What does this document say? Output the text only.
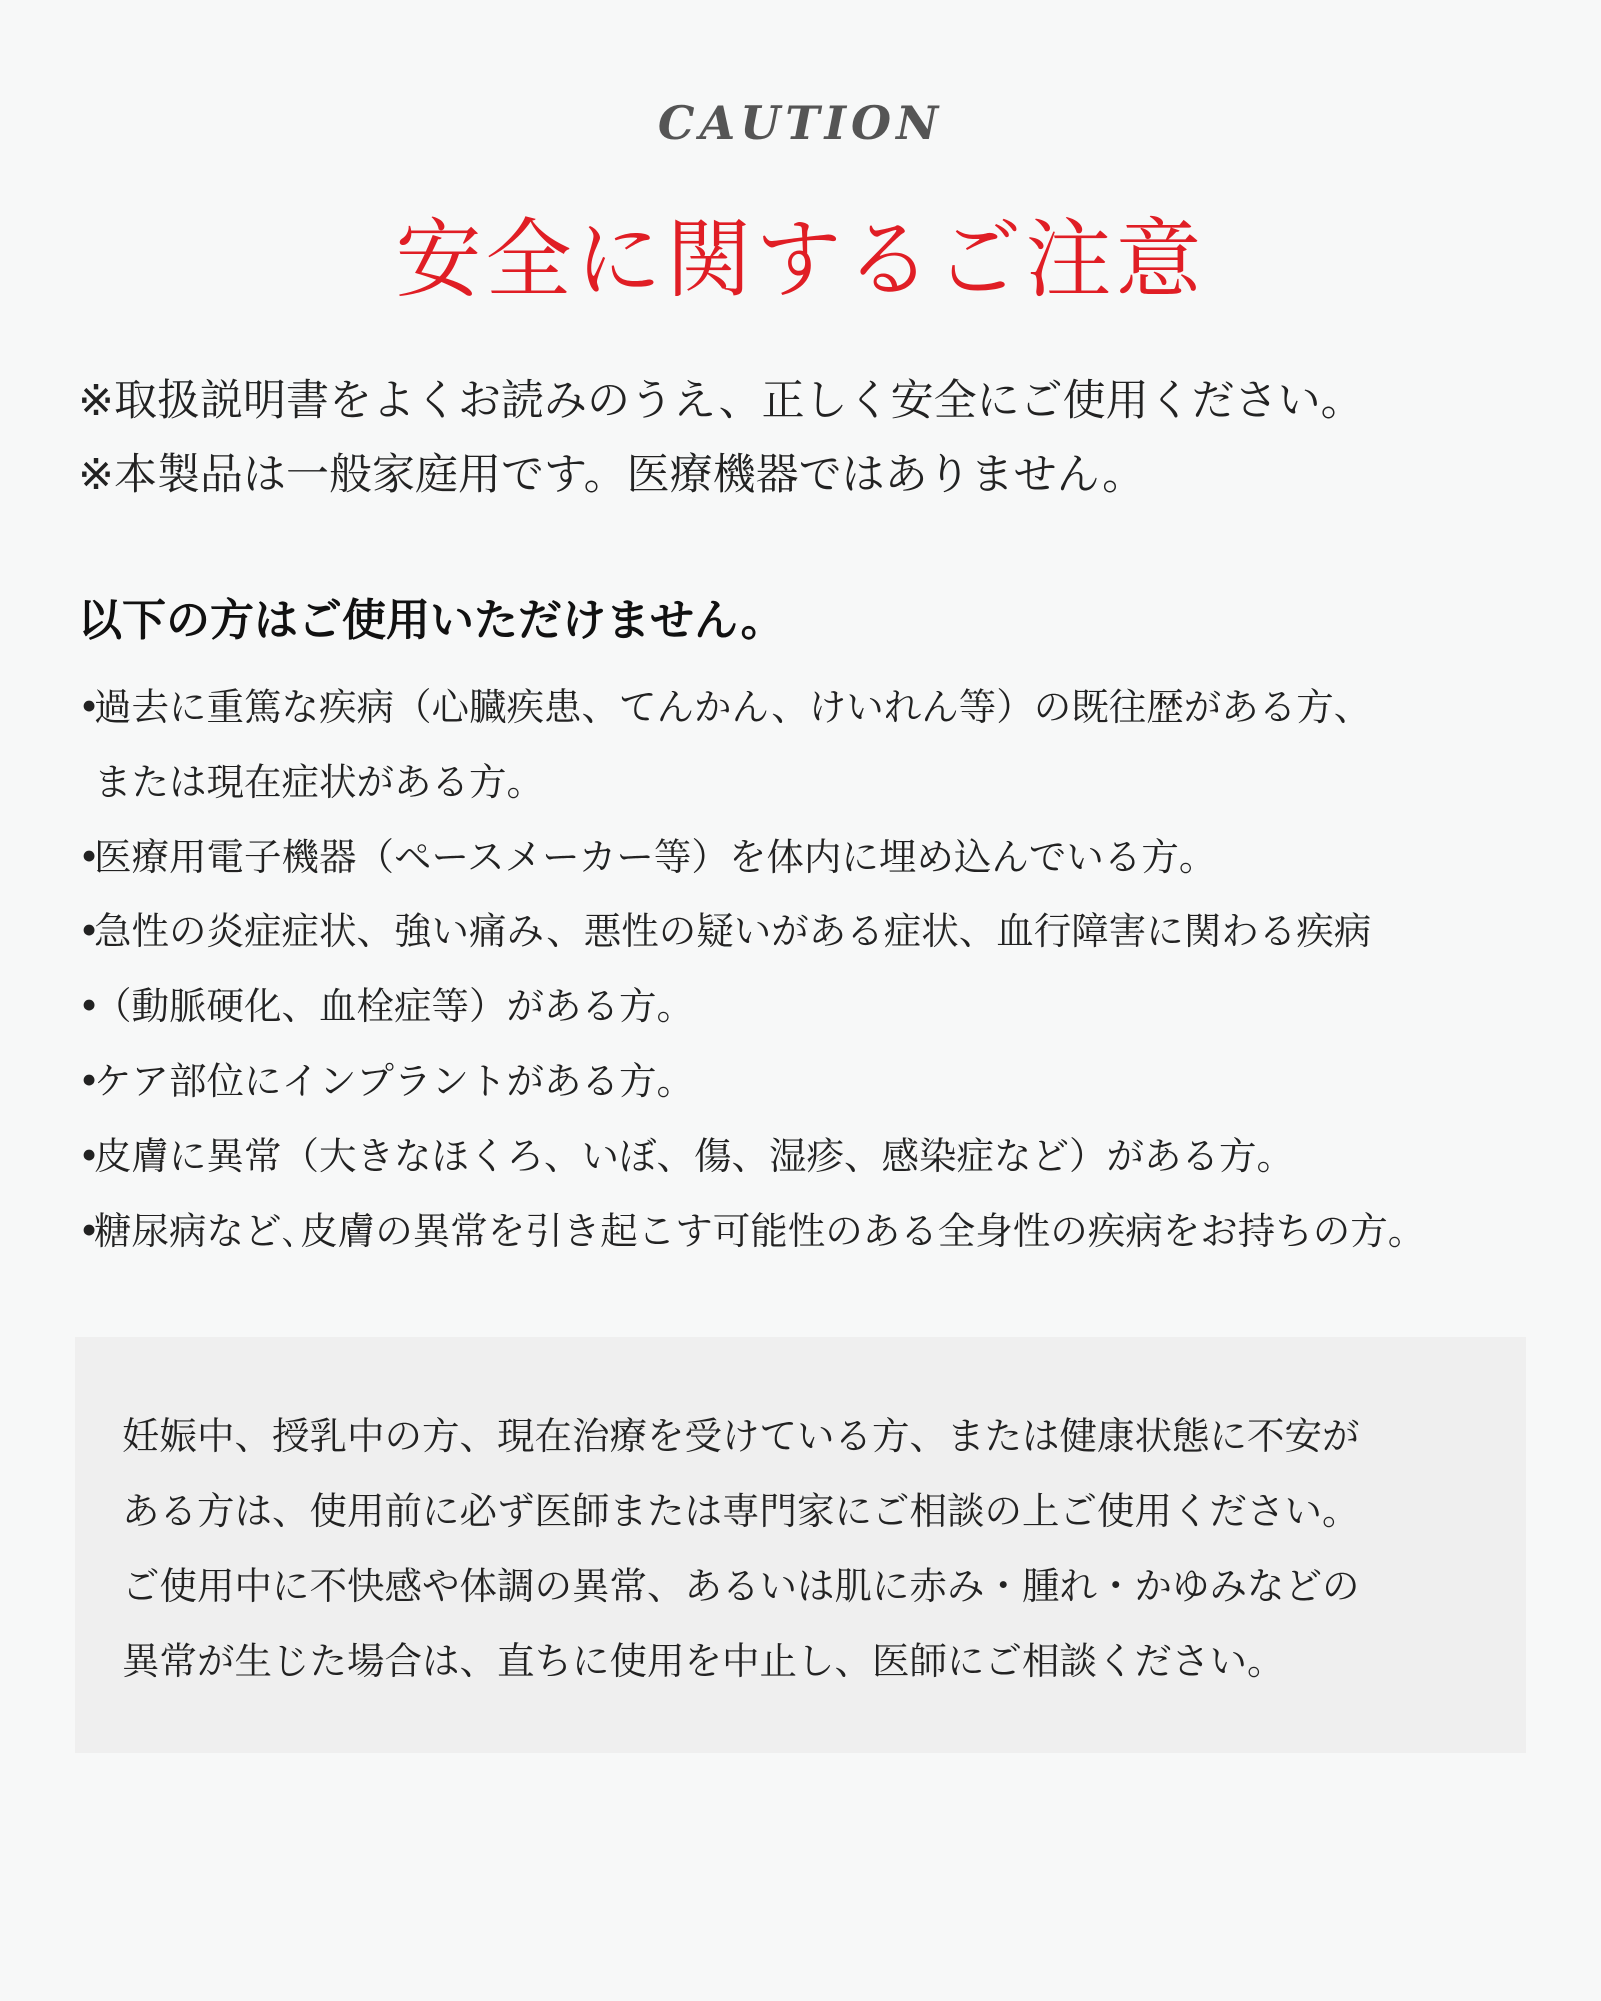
CAUTION
安全に関するご注意
※取扱説明書をよくお読みのうえ、正しく安全にご使用ください。
※本製品は一般家庭用です。医療機器ではありません。
以下の方はご使用いただけません。
•過去に重篤な疾病（心臓疾患、てんかん、けいれん等）の既往歴がある方、
または現在症状がある方。
•医療用電子機器（ペースメーカー等）を体内に埋め込んでいる方。
•急性の炎症症状、強い痛み、悪性の疑いがある症状、血行障害に関わる疾病
•（動脈硬化、血栓症等）がある方。
•ケア部位にインプラントがある方。
•皮膚に異常（大きなほくろ、いぼ、傷、湿疹、感染症など）がある方。
•糖尿病など､皮膚の異常を引き起こす可能性のある全身性の疾病をお持ちの方。
妊娠中、授乳中の方、現在治療を受けている方、または健康状態に不安が
ある方は、使用前に必ず医師または専門家にご相談の上ご使用ください。
ご使用中に不快感や体調の異常、あるいは肌に赤み・腫れ・かゆみなどの
異常が生じた場合は、直ちに使用を中止し、医師にご相談ください。
